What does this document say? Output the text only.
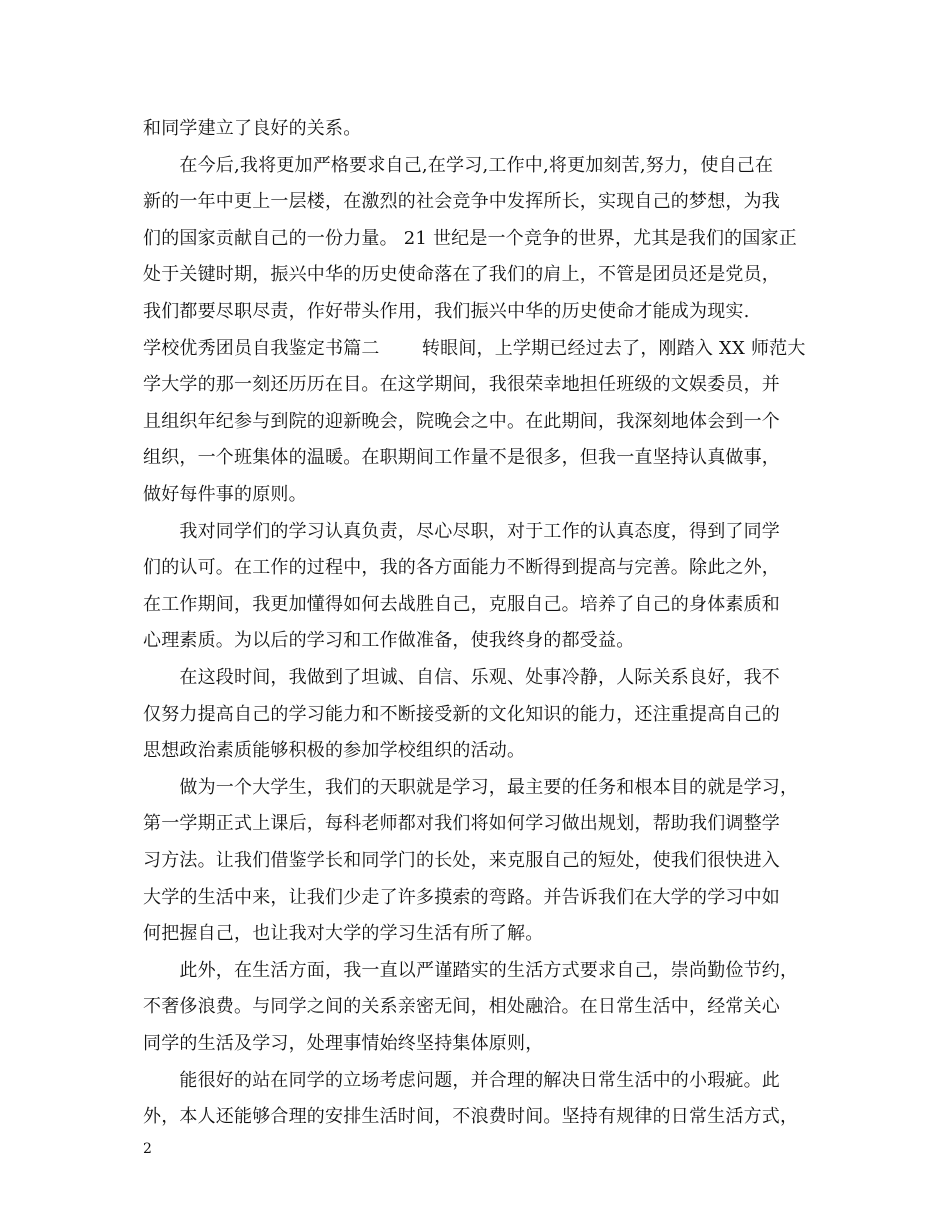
和同学建立了良好的关系。
　　在今后,我将更加严格要求自己,在学习,工作中,将更加刻苦,努力，使自己在
新的一年中更上一层楼，在激烈的社会竞争中发挥所长，实现自己的梦想，为我
们的国家贡献自己的一份力量。 21 世纪是一个竞争的世界，尤其是我们的国家正
处于关键时期，振兴中华的历史使命落在了我们的肩上，不管是团员还是党员，
我们都要尽职尽责，作好带头作用，我们振兴中华的历史使命才能成为现实.
学校优秀团员自我鉴定书篇二　　 转眼间，上学期已经过去了，刚踏入 XX 师范大
学大学的那一刻还历历在目。在这学期间，我很荣幸地担任班级的文娱委员，并
且组织年纪参与到院的迎新晚会，院晚会之中。在此期间，我深刻地体会到一个
组织，一个班集体的温暖。在职期间工作量不是很多，但我一直坚持认真做事，
做好每件事的原则。
　　我对同学们的学习认真负责，尽心尽职，对于工作的认真态度，得到了同学
们的认可。在工作的过程中，我的各方面能力不断得到提高与完善。除此之外，
在工作期间，我更加懂得如何去战胜自己，克服自己。培养了自己的身体素质和
心理素质。为以后的学习和工作做准备，使我终身的都受益。
　　在这段时间，我做到了坦诚、自信、乐观、处事冷静，人际关系良好，我不
仅努力提高自己的学习能力和不断接受新的文化知识的能力，还注重提高自己的
思想政治素质能够积极的参加学校组织的活动。
　　做为一个大学生，我们的天职就是学习，最主要的任务和根本目的就是学习，
第一学期正式上课后，每科老师都对我们将如何学习做出规划，帮助我们调整学
习方法。让我们借鉴学长和同学门的长处，来克服自己的短处，使我们很快进入
大学的生活中来，让我们少走了许多摸索的弯路。并告诉我们在大学的学习中如
何把握自己，也让我对大学的学习生活有所了解。
　　此外，在生活方面，我一直以严谨踏实的生活方式要求自己，崇尚勤俭节约，
不奢侈浪费。与同学之间的关系亲密无间，相处融洽。在日常生活中，经常关心
同学的生活及学习，处理事情始终坚持集体原则，
　　能很好的站在同学的立场考虑问题，并合理的解决日常生活中的小瑕疵。此
外，本人还能够合理的安排生活时间，不浪费时间。坚持有规律的日常生活方式，
2
